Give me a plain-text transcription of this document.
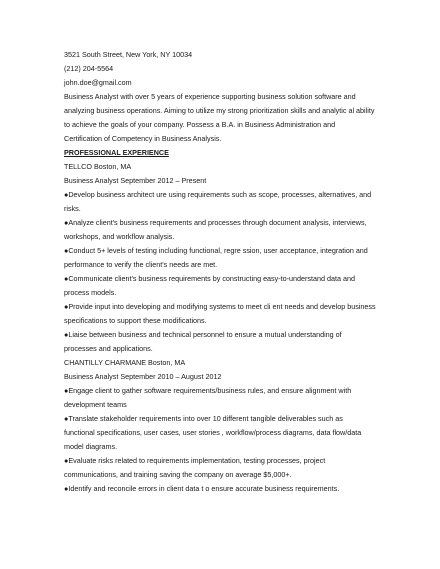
3521 South Street, New York, NY 10034
(212) 204-5564
john.doe@gmail.com
Business Analyst with over 5 years of experience supporting business solution software and
analyzing business operations. Aiming to utilize my strong prioritization skills and analytic al ability
to achieve the goals of your company. Possess a B.A. in Business Administration and
Certification of Competency in Business Analysis.
PROFESSIONAL EXPERIENCE
TELLCO Boston, MA
Business Analyst September 2012 – Present
●Develop business architect ure using requirements such as scope, processes, alternatives, and
risks.
●Analyze client's business requirements and processes through document analysis, interviews,
workshops, and workflow analysis.
●Conduct 5+ levels of testing including functional, regre ssion, user acceptance, integration and
performance to verify the client's needs are met.
●Communicate client's business requirements by constructing easy-to-understand data and
process models.
●Provide input into developing and modifying systems to meet cli ent needs and develop business
specifications to support these modifications.
●Liaise between business and technical personnel to ensure a mutual understanding of
processes and applications.
CHANTILLY CHARMANE Boston, MA
Business Analyst September 2010 – August 2012
●Engage client to gather software requirements/business rules, and ensure alignment with
development teams
●Translate stakeholder requirements into over 10 different tangible deliverables such as
functional specifications, user cases, user stories , workflow/process diagrams, data flow/data
model diagrams.
●Evaluate risks related to requirements implementation, testing processes, project
communications, and training saving the company on average $5,000+.
●Identify and reconcile errors in client data t o ensure accurate business requirements.
